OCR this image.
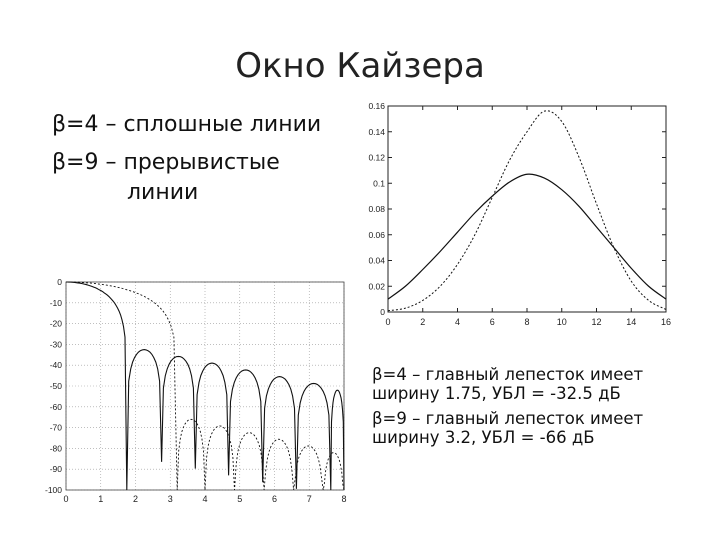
Окно Кайзера
β=4 – сплошные линии
β=9 – прерывистые
линии
0	2	4	6	8	10	12	14	16
0
0.02
0.04
0.06
0.08
0.1
0.12
0.14
0.16
0	1	2	3	4	5	6	7	8
0
-10
-20
-30
-40
-50
-60
-70
-80
-90
-100
β=4 – главный лепесток имеет
ширину 1.75, УБЛ = -32.5 дБ
β=9 – главный лепесток имеет
ширину 3.2, УБЛ = -66 дБ
